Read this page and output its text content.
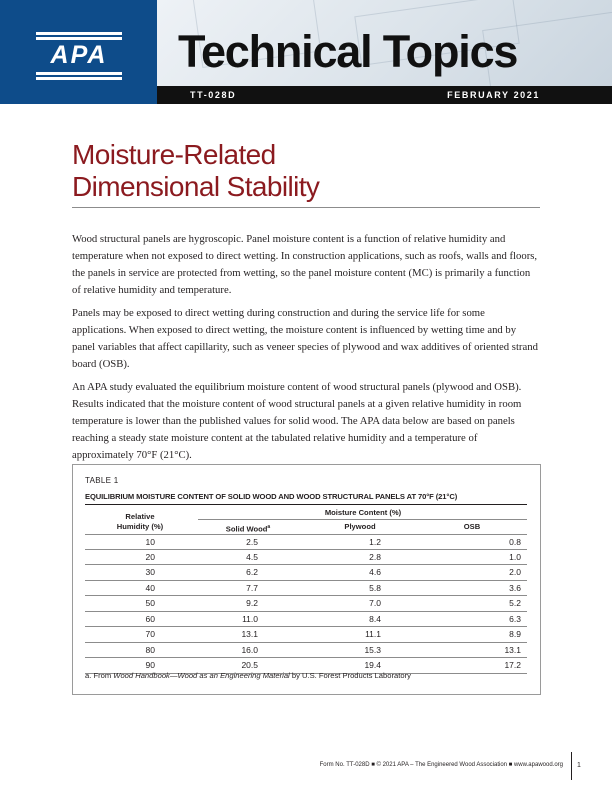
APA	Technical Topics
TT-028D	FEBRUARY 2021
Moisture-Related
Dimensional Stability

Wood structural panels are hygroscopic. Panel moisture content is a function of relative humidity and temperature when not exposed to direct wetting. In construction applications, such as roofs, walls and floors, the panels in service are protected from wetting, so the panel moisture content (MC) is primarily a function of relative humidity and temperature.

Panels may be exposed to direct wetting during construction and during the service life for some applications. When exposed to direct wetting, the moisture content is influenced by wetting time and by panel variables that affect capillarity, such as veneer species of plywood and wax additives of oriented strand board (OSB).

An APA study evaluated the equilibrium moisture content of wood structural panels (plywood and OSB). Results indicated that the moisture content of wood structural panels at a given relative humidity in room temperature is lower than the published values for solid wood. The APA data below are based on panels reaching a steady state moisture content at the tabulated relative humidity and a temperature of approximately 70°F (21°C).

TABLE 1
EQUILIBRIUM MOISTURE CONTENT OF SOLID WOOD AND WOOD STRUCTURAL PANELS AT 70°F (21°C)
Relative
Humidity (%)
Moisture Content (%)
Solid Wood$^a$	Plywood	OSB
10	2.5	1.2	0.8
20	4.5	2.8	1.0
30	6.2	4.6	2.0
40	7.7	5.8	3.6
50	9.2	7.0	5.2
60	11.0	8.4	6.3
70	13.1	11.1	8.9
80	16.0	15.3	13.1
90	20.5	19.4	17.2
a. From Wood Handbook—Wood as an Engineering Material by U.S. Forest Products Laboratory
Form No. TT-028D ■ © 2021 APA – The Engineered Wood Association ■ www.apawood.org 1
